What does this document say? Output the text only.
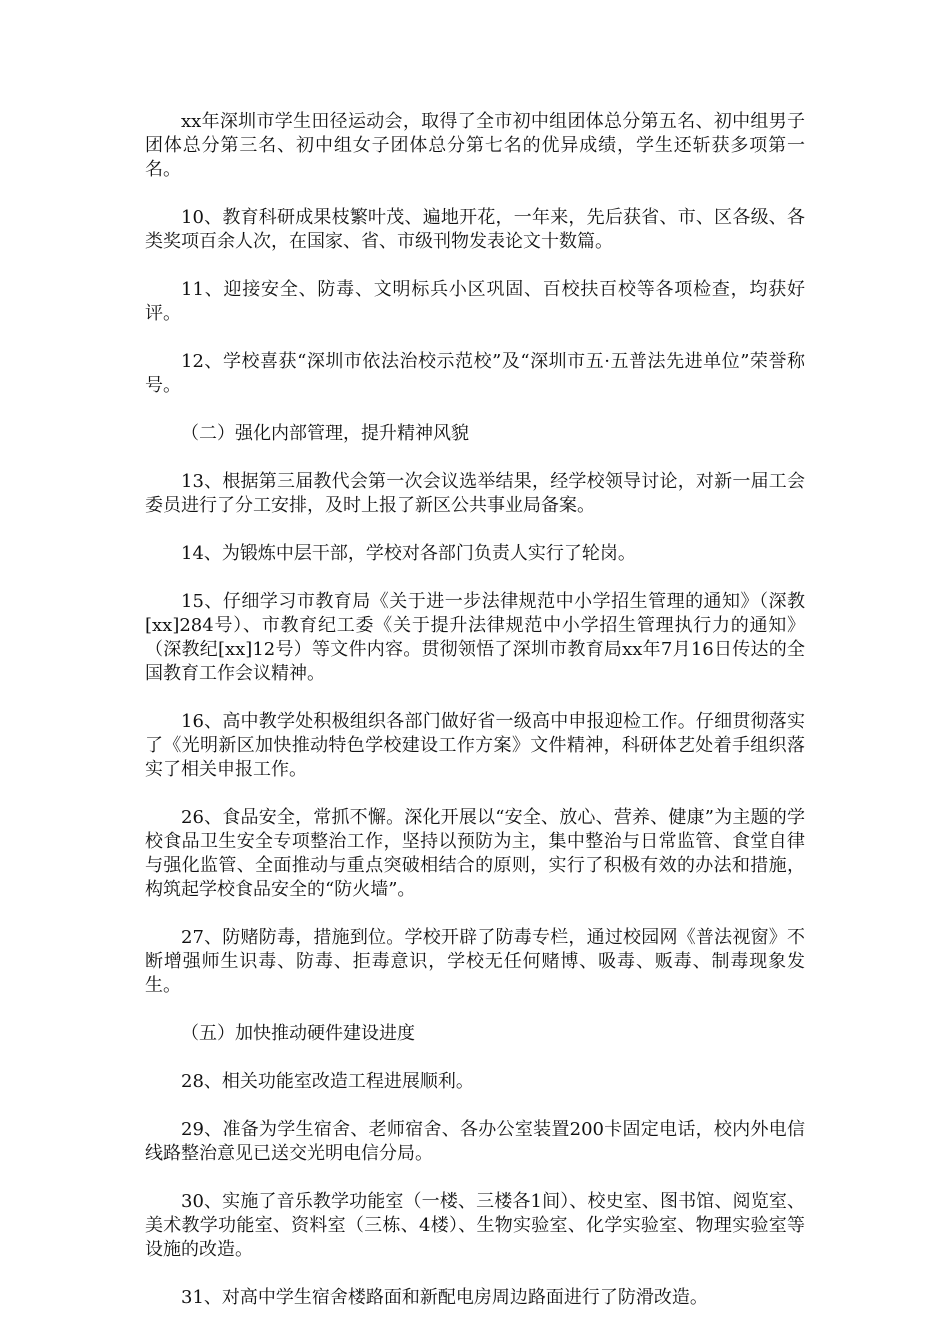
xx年深圳市学生田径运动会，取得了全市初中组团体总分第五名、初中组男子团体总分第三名、初中组女子团体总分第七名的优异成绩，学生还斩获多项第一名。

10、教育科研成果枝繁叶茂、遍地开花，一年来，先后获省、市、区各级、各类奖项百余人次，在国家、省、市级刊物发表论文十数篇。

11、迎接安全、防毒、文明标兵小区巩固、百校扶百校等各项检查，均获好评。

12、学校喜获“深圳市依法治校示范校”及“深圳市五·五普法先进单位”荣誉称号。

（二）强化内部管理，提升精神风貌

13、根据第三届教代会第一次会议选举结果，经学校领导讨论，对新一届工会委员进行了分工安排，及时上报了新区公共事业局备案。

14、为锻炼中层干部，学校对各部门负责人实行了轮岗。

15、仔细学习市教育局《关于进一步法律规范中小学招生管理的通知》（深教[xx]284号）、市教育纪工委《关于提升法律规范中小学招生管理执行力的通知》（深教纪[xx]12号）等文件内容。贯彻领悟了深圳市教育局xx年7月16日传达的全国教育工作会议精神。

16、高中教学处积极组织各部门做好省一级高中申报迎检工作。仔细贯彻落实了《光明新区加快推动特色学校建设工作方案》文件精神，科研体艺处着手组织落实了相关申报工作。

26、食品安全，常抓不懈。深化开展以“安全、放心、营养、健康”为主题的学校食品卫生安全专项整治工作，坚持以预防为主，集中整治与日常监管、食堂自律与强化监管、全面推动与重点突破相结合的原则，实行了积极有效的办法和措施，构筑起学校食品安全的“防火墙”。

27、防赌防毒，措施到位。学校开辟了防毒专栏，通过校园网《普法视窗》不断增强师生识毒、防毒、拒毒意识，学校无任何赌博、吸毒、贩毒、制毒现象发生。

（五）加快推动硬件建设进度

28、相关功能室改造工程进展顺利。

29、准备为学生宿舍、老师宿舍、各办公室装置200卡固定电话，校内外电信线路整治意见已送交光明电信分局。

30、实施了音乐教学功能室（一楼、三楼各1间）、校史室、图书馆、阅览室、美术教学功能室、资料室（三栋、4楼）、生物实验室、化学实验室、物理实验室等设施的改造。

31、对高中学生宿舍楼路面和新配电房周边路面进行了防滑改造。
